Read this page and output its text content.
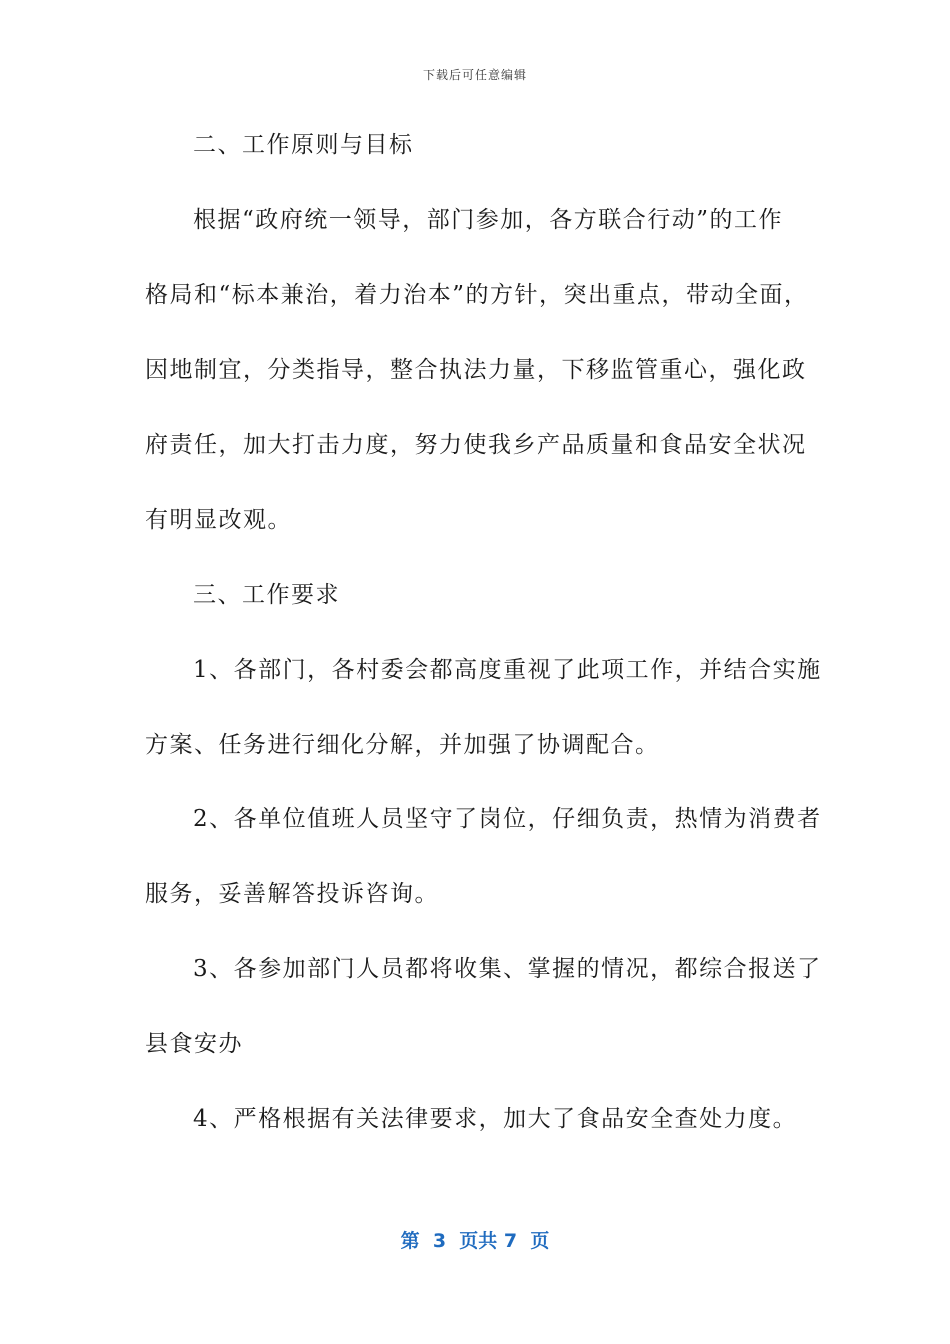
下载后可任意编辑
二、工作原则与目标
根据“政府统一领导，部门参加，各方联合行动”的工作
格局和“标本兼治，着力治本”的方针，突出重点，带动全面，
因地制宜，分类指导，整合执法力量，下移监管重心，强化政
府责任，加大打击力度，努力使我乡产品质量和食品安全状况
有明显改观。
三、工作要求
1、各部门，各村委会都高度重视了此项工作，并结合实施
方案、任务进行细化分解，并加强了协调配合。
2、各单位值班人员坚守了岗位，仔细负责，热情为消费者
服务，妥善解答投诉咨询。
3、各参加部门人员都将收集、掌握的情况，都综合报送了
县食安办
4、严格根据有关法律要求，加大了食品安全查处力度。
第  3  页共 7  页
